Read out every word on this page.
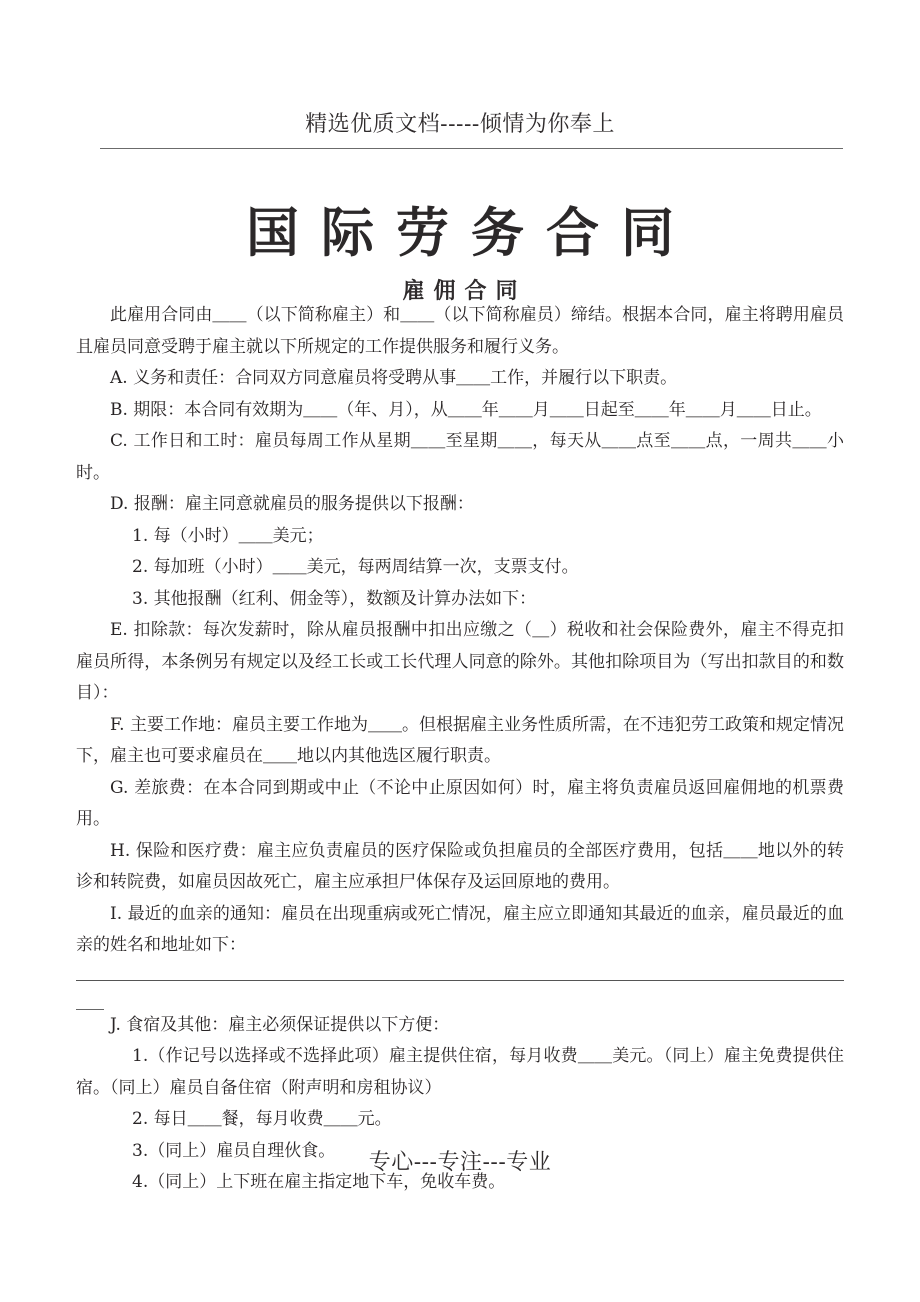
精选优质文档-----倾情为你奉上
国际劳务合同
雇佣合同

此雇用合同由＿＿（以下简称雇主）和＿＿（以下简称雇员）缔结。根据本合同，雇主将聘用雇员且雇员同意受聘于雇主就以下所规定的工作提供服务和履行义务。

A. 义务和责任：合同双方同意雇员将受聘从事＿＿工作，并履行以下职责。

B. 期限：本合同有效期为＿＿（年、月），从＿＿年＿＿月＿＿日起至＿＿年＿＿月＿＿日止。

C. 工作日和工时：雇员每周工作从星期＿＿至星期＿＿，每天从＿＿点至＿＿点，一周共＿＿小时。

D. 报酬：雇主同意就雇员的服务提供以下报酬：

1. 每（小时）＿＿美元；

2. 每加班（小时）＿＿美元，每两周结算一次，支票支付。

3. 其他报酬（红利、佣金等），数额及计算办法如下：

E. 扣除款：每次发薪时，除从雇员报酬中扣出应缴之（＿）税收和社会保险费外，雇主不得克扣雇员所得，本条例另有规定以及经工长或工长代理人同意的除外。其他扣除项目为（写出扣款目的和数目）：

F. 主要工作地：雇员主要工作地为＿＿。但根据雇主业务性质所需，在不违犯劳工政策和规定情况下，雇主也可要求雇员在＿＿地以内其他选区履行职责。

G. 差旅费：在本合同到期或中止（不论中止原因如何）时，雇主将负责雇员返回雇佣地的机票费用。

H. 保险和医疗费：雇主应负责雇员的医疗保险或负担雇员的全部医疗费用，包括＿＿地以外的转诊和转院费，如雇员因故死亡，雇主应承担尸体保存及运回原地的费用。

I. 最近的血亲的通知：雇员在出现重病或死亡情况，雇主应立即通知其最近的血亲，雇员最近的血亲的姓名和地址如下：

J. 食宿及其他：雇主必须保证提供以下方便：

1.（作记号以选择或不选择此项）雇主提供住宿，每月收费＿＿美元。（同上）雇主免费提供住宿。（同上）雇员自备住宿（附声明和房租协议）

2. 每日＿＿餐，每月收费＿＿元。

3.（同上）雇员自理伙食。

4.（同上）上下班在雇主指定地下车，免收车费。

专心---专注---专业
